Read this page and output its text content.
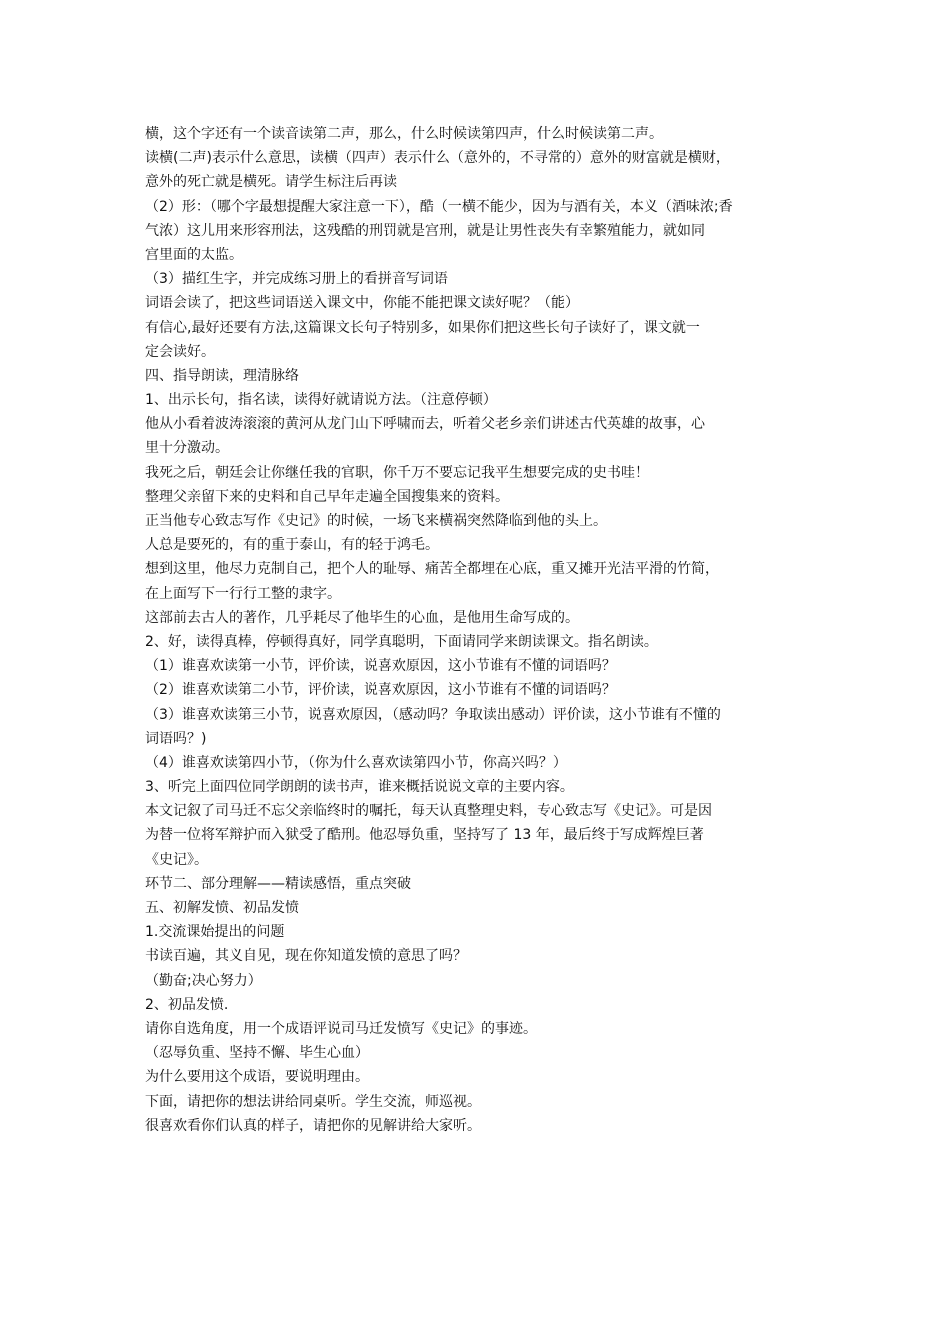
横，这个字还有一个读音读第二声，那么，什么时候读第四声，什么时候读第二声。
读横(二声)表示什么意思，读横（四声）表示什么（意外的，不寻常的）意外的财富就是横财，
意外的死亡就是横死。请学生标注后再读
（2）形：（哪个字最想提醒大家注意一下），酷（一横不能少，因为与酒有关，本义（酒味浓;香
气浓）这儿用来形容刑法，这残酷的刑罚就是宫刑，就是让男性丧失有幸繁殖能力，就如同
宫里面的太监。
（3）描红生字，并完成练习册上的看拼音写词语
词语会读了，把这些词语送入课文中，你能不能把课文读好呢？（能）
有信心,最好还要有方法,这篇课文长句子特别多，如果你们把这些长句子读好了，课文就一
定会读好。
四、指导朗读，理清脉络
1、出示长句，指名读，读得好就请说方法。（注意停顿）
他从小看着波涛滚滚的黄河从龙门山下呼啸而去，听着父老乡亲们讲述古代英雄的故事，心
里十分激动。
我死之后，朝廷会让你继任我的官职，你千万不要忘记我平生想要完成的史书哇！
整理父亲留下来的史料和自己早年走遍全国搜集来的资料。
正当他专心致志写作《史记》的时候，一场飞来横祸突然降临到他的头上。
人总是要死的，有的重于泰山，有的轻于鸿毛。
想到这里，他尽力克制自己，把个人的耻辱、痛苦全都埋在心底，重又摊开光洁平滑的竹简，
在上面写下一行行工整的隶字。
这部前去古人的著作，几乎耗尽了他毕生的心血，是他用生命写成的。
2、好，读得真棒，停顿得真好，同学真聪明，下面请同学来朗读课文。指名朗读。
（1）谁喜欢读第一小节，评价读，说喜欢原因，这小节谁有不懂的词语吗？
（2）谁喜欢读第二小节，评价读，说喜欢原因，这小节谁有不懂的词语吗？
（3）谁喜欢读第三小节，说喜欢原因，（感动吗？争取读出感动）评价读，这小节谁有不懂的
词语吗？)
（4）谁喜欢读第四小节，（你为什么喜欢读第四小节，你高兴吗？）
3、听完上面四位同学朗朗的读书声，谁来概括说说文章的主要内容。
本文记叙了司马迁不忘父亲临终时的嘱托，每天认真整理史料，专心致志写《史记》。可是因
为替一位将军辩护而入狱受了酷刑。他忍辱负重，坚持写了 13 年，最后终于写成辉煌巨著
《史记》。
环节二、部分理解——精读感悟，重点突破
五、初解发愤、初品发愤
1.交流课始提出的问题
书读百遍，其义自见，现在你知道发愤的意思了吗？
（勤奋;决心努力）
2、初品发愤.
请你自选角度，用一个成语评说司马迁发愤写《史记》的事迹。
（忍辱负重、坚持不懈、毕生心血）
为什么要用这个成语，要说明理由。
下面，请把你的想法讲给同桌听。学生交流，师巡视。
很喜欢看你们认真的样子，请把你的见解讲给大家听。
